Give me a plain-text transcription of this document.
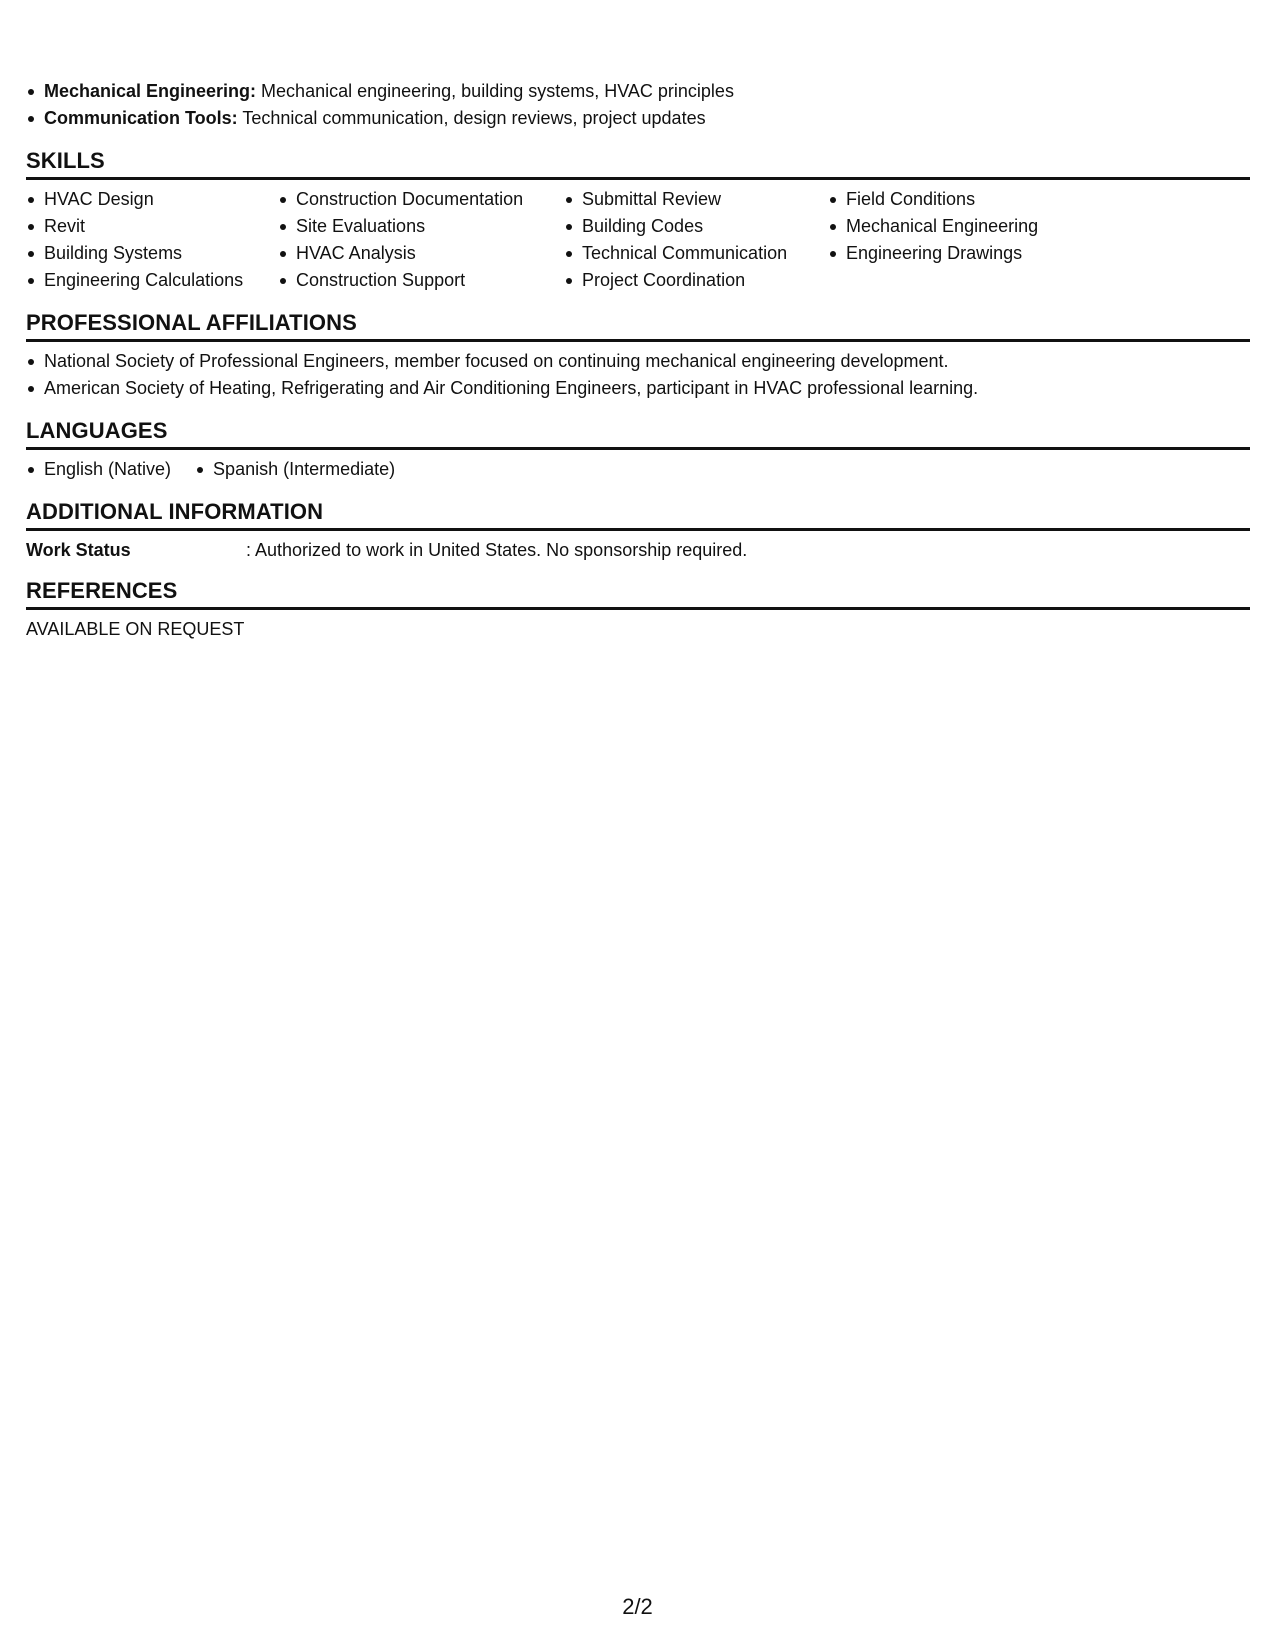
Mechanical Engineering: Mechanical engineering, building systems, HVAC principles
Communication Tools: Technical communication, design reviews, project updates
SKILLS
HVAC Design
Revit
Building Systems
Engineering Calculations
Construction Documentation
Site Evaluations
HVAC Analysis
Construction Support
Submittal Review
Building Codes
Technical Communication
Project Coordination
Field Conditions
Mechanical Engineering
Engineering Drawings
PROFESSIONAL AFFILIATIONS
National Society of Professional Engineers, member focused on continuing mechanical engineering development.
American Society of Heating, Refrigerating and Air Conditioning Engineers, participant in HVAC professional learning.
LANGUAGES
English (Native)	Spanish (Intermediate)
ADDITIONAL INFORMATION
Work Status	: Authorized to work in United States. No sponsorship required.
REFERENCES
AVAILABLE ON REQUEST
2/2
